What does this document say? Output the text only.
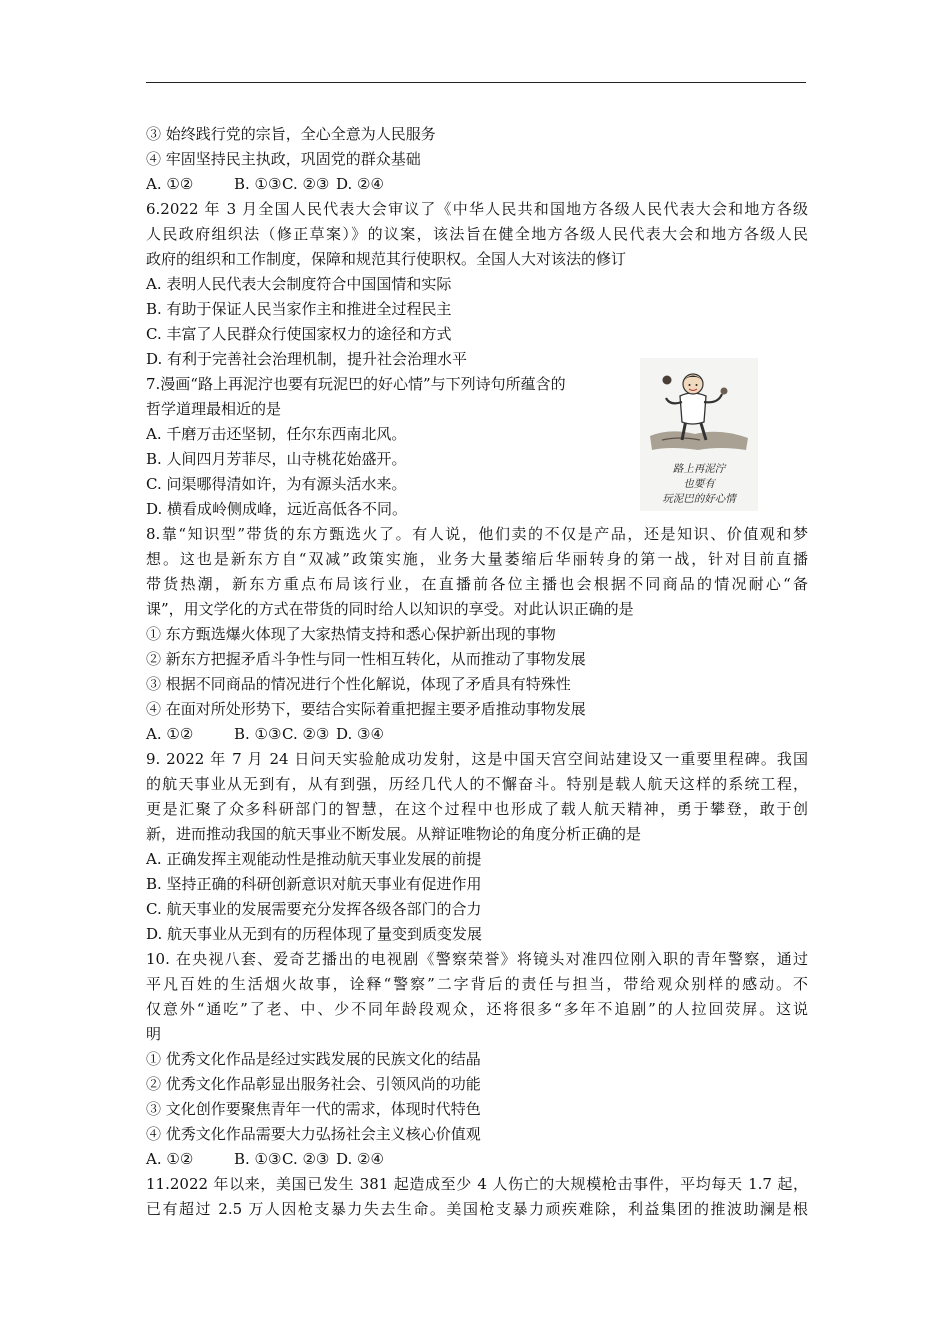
③ 始终践行党的宗旨，全心全意为人民服务
④ 牢固坚持民主执政，巩固党的群众基础
A. ①②	B. ①③C. ②③ D. ②④
6.2022 年 3 月全国人民代表大会审议了《中华人民共和国地方各级人民代表大会和地方各级
人民政府组织法（修正草案）》的议案，该法旨在健全地方各级人民代表大会和地方各级人民
政府的组织和工作制度，保障和规范其行使职权。全国人大对该法的修订
A. 表明人民代表大会制度符合中国国情和实际
B. 有助于保证人民当家作主和推进全过程民主
C. 丰富了人民群众行使国家权力的途径和方式
D. 有利于完善社会治理机制，提升社会治理水平
7.漫画“路上再泥泞也要有玩泥巴的好心情”与下列诗句所蕴含的
哲学道理最相近的是
A. 千磨万击还坚韧，任尔东西南北风。
B. 人间四月芳菲尽，山寺桃花始盛开。
C. 问渠哪得清如许，为有源头活水来。
D. 横看成岭侧成峰，远近高低各不同。
8.靠“知识型”带货的东方甄选火了。有人说，他们卖的不仅是产品，还是知识、价值观和梦
想。这也是新东方自“双减”政策实施，业务大量萎缩后华丽转身的第一战，针对目前直播
带货热潮，新东方重点布局该行业，在直播前各位主播也会根据不同商品的情况耐心“备
课”，用文学化的方式在带货的同时给人以知识的享受。对此认识正确的是
① 东方甄选爆火体现了大家热情支持和悉心保护新出现的事物
② 新东方把握矛盾斗争性与同一性相互转化，从而推动了事物发展
③ 根据不同商品的情况进行个性化解说，体现了矛盾具有特殊性
④ 在面对所处形势下，要结合实际着重把握主要矛盾推动事物发展
A. ①②	B. ①③C. ②③ D. ③④
9. 2022 年 7 月 24 日问天实验舱成功发射，这是中国天宫空间站建设又一重要里程碑。我国
的航天事业从无到有，从有到强，历经几代人的不懈奋斗。特别是载人航天这样的系统工程，
更是汇聚了众多科研部门的智慧，在这个过程中也形成了载人航天精神，勇于攀登，敢于创
新，进而推动我国的航天事业不断发展。从辩证唯物论的角度分析正确的是
A. 正确发挥主观能动性是推动航天事业发展的前提
B. 坚持正确的科研创新意识对航天事业有促进作用
C. 航天事业的发展需要充分发挥各级各部门的合力
D. 航天事业从无到有的历程体现了量变到质变发展
10. 在央视八套、爱奇艺播出的电视剧《警察荣誉》将镜头对准四位刚入职的青年警察，通过
平凡百姓的生活烟火故事，诠释“警察”二字背后的责任与担当，带给观众别样的感动。不
仅意外“通吃”了老、中、少不同年龄段观众，还将很多“多年不追剧”的人拉回荧屏。这说
明
① 优秀文化作品是经过实践发展的民族文化的结晶
② 优秀文化作品彰显出服务社会、引领风尚的功能
③ 文化创作要聚焦青年一代的需求，体现时代特色
④ 优秀文化作品需要大力弘扬社会主义核心价值观
A. ①②	B. ①③C. ②③ D. ②④
11.2022 年以来，美国已发生 381 起造成至少 4 人伤亡的大规模枪击事件，平均每天 1.7 起，
已有超过 2.5 万人因枪支暴力失去生命。美国枪支暴力顽疾难除，利益集团的推波助澜是根
路上再泥泞
也要有
玩泥巴的好心情
